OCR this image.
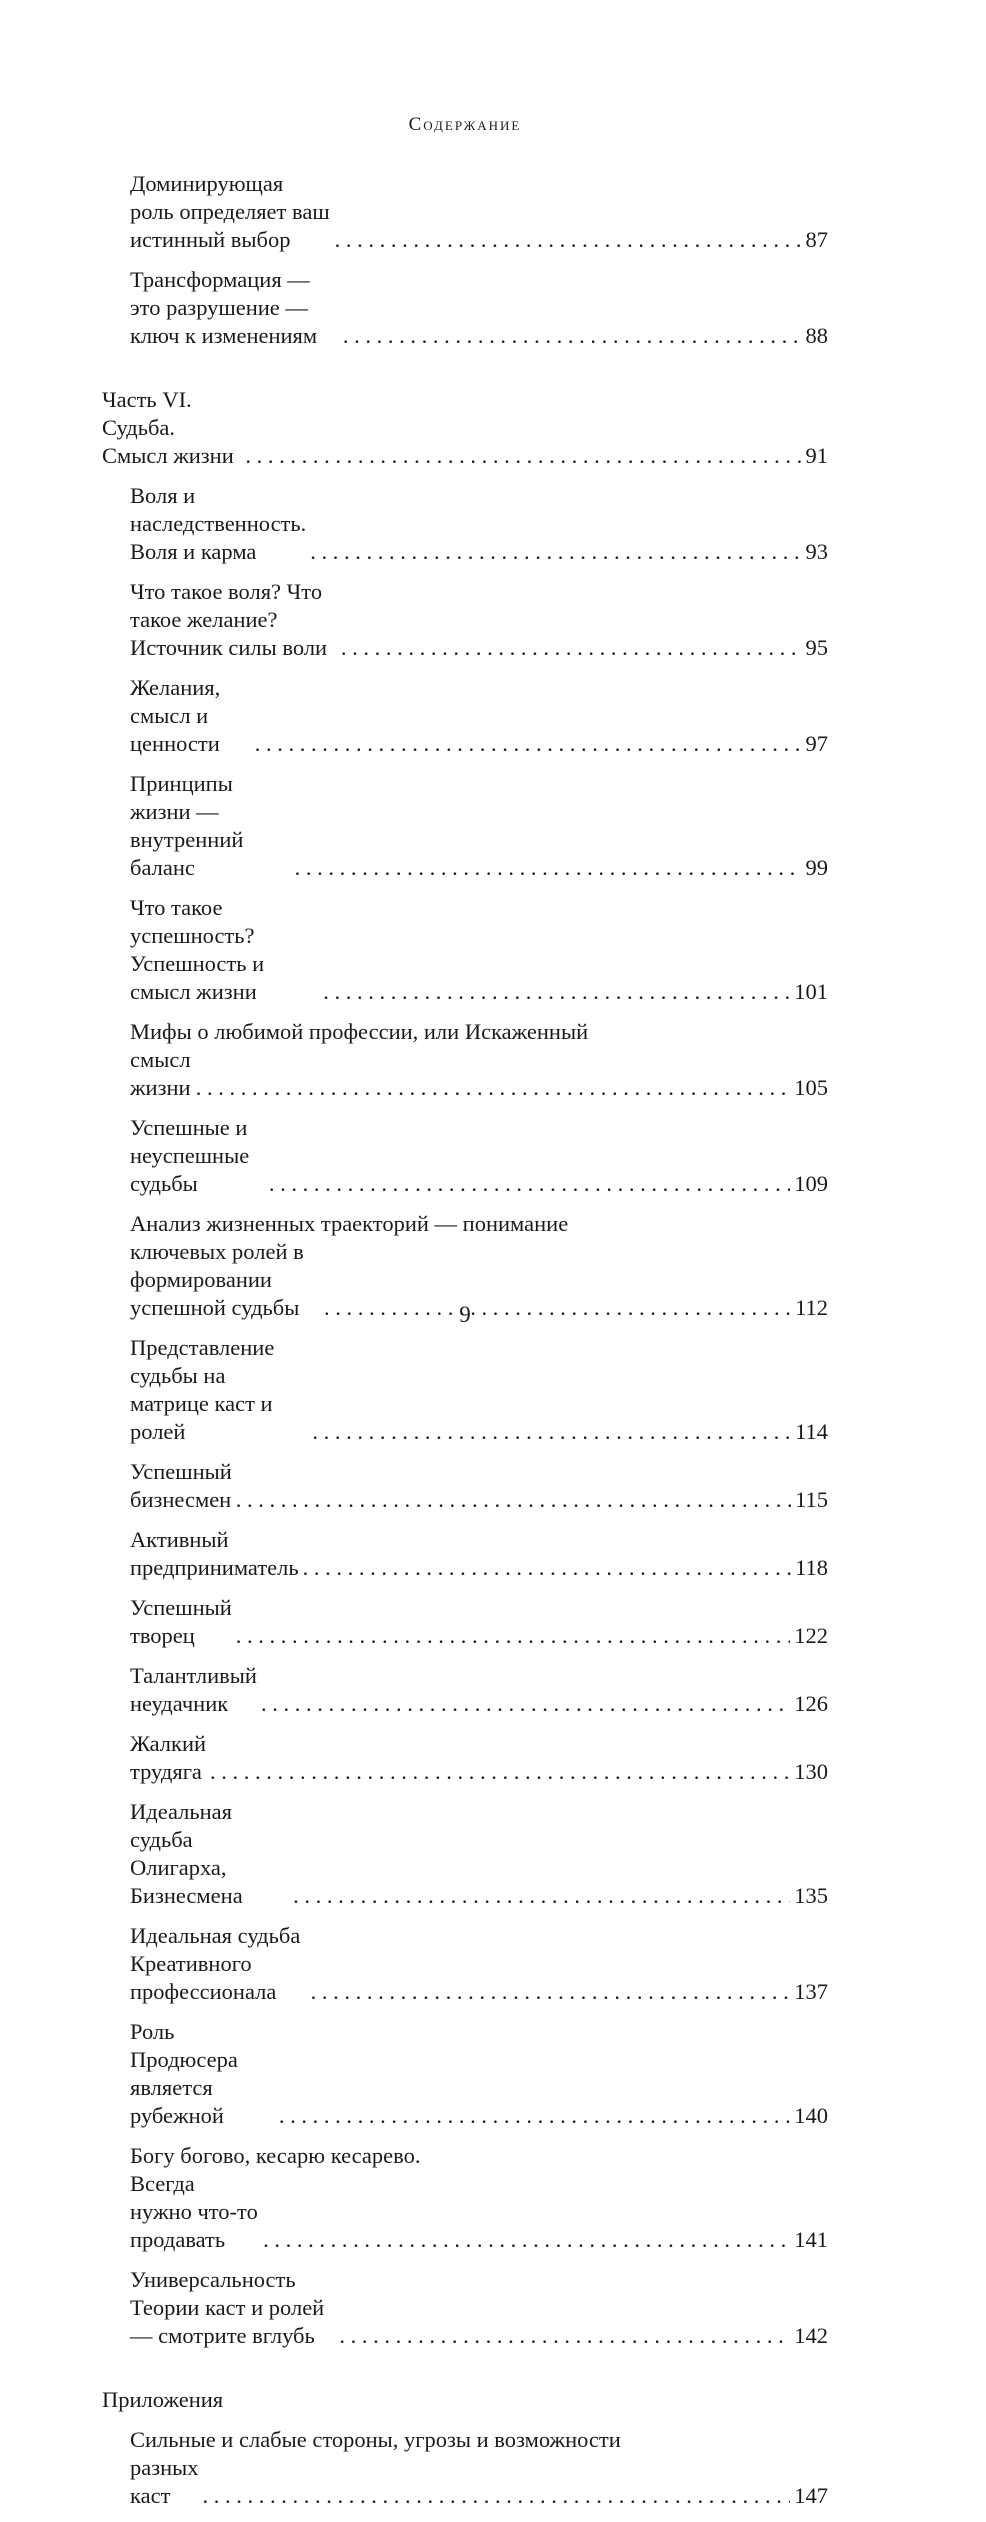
Содержание
Доминирующая роль определяет ваш истинный выбор . . .	87
Трансформация — это разрушение — ключ к изменениям . . .	88
Часть VI. Судьба. Смысл жизни . . .	91
Воля и наследственность. Воля и карма . . .	93
Что такое воля? Что такое желание? Источник силы воли . . .	95
Желания, смысл и ценности . . .	97
Принципы жизни — внутренний баланс . . .	99
Что такое успешность? Успешность и смысл жизни . . .	101
Мифы о любимой профессии, или Искаженный
смысл жизни . . .	105
Успешные и неуспешные судьбы . . .	109
Анализ жизненных траекторий — понимание
ключевых ролей в формировании успешной судьбы . . .	112
Представление судьбы на матрице каст и ролей . . .	114
Успешный бизнесмен . . .	115
Активный предприниматель . . .	118
Успешный творец . . .	122
Талантливый неудачник . . .	126
Жалкий трудяга . . .	130
Идеальная судьба Олигарха, Бизнесмена . . .	135
Идеальная судьба Креативного профессионала . . .	137
Роль Продюсера является рубежной . . .	140
Богу богово, кесарю кесарево.
Всегда нужно что-то продавать . . .	141
Универсальность Теории каст и ролей — смотрите вглубь . . .	142
Приложения
Сильные и слабые стороны, угрозы и возможности
разных каст . . .	147
9
